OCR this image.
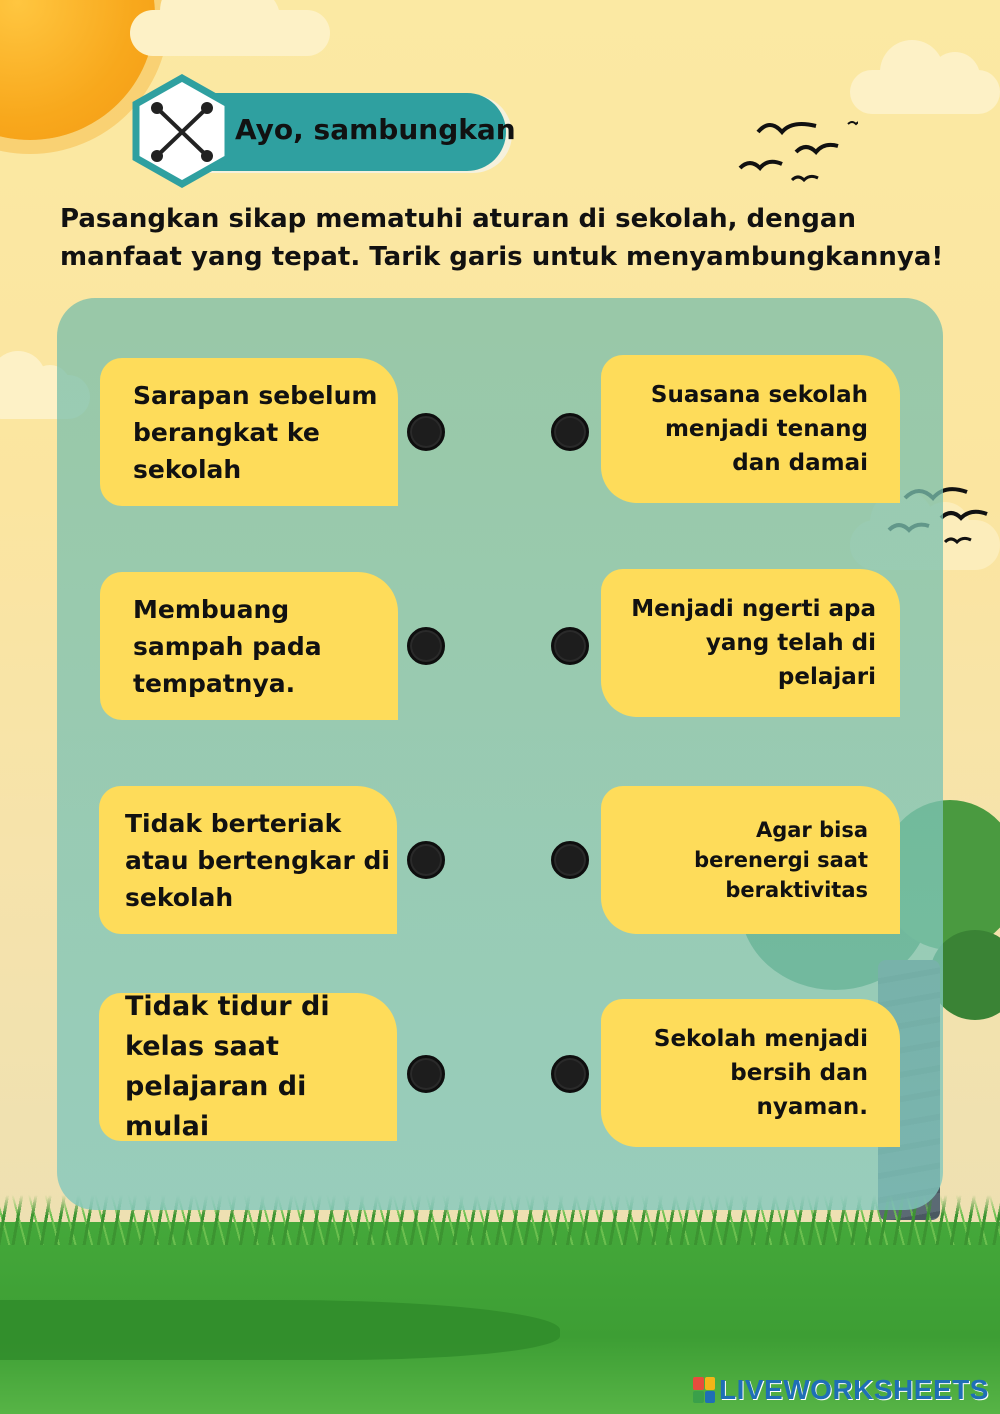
Ayo, sambungkan
Pasangkan sikap mematuhi aturan di sekolah, dengan manfaat yang tepat. Tarik garis untuk menyambungkannya!
Sarapan sebelum
berangkat ke
sekolah
Membuang
sampah pada
tempatnya.
Tidak berteriak
atau bertengkar di
sekolah
Tidak tidur di
kelas saat
pelajaran di mulai
Suasana sekolah
menjadi tenang
dan damai
Menjadi ngerti apa
yang telah di pelajari
Agar bisa
berenergi saat
beraktivitas
Sekolah menjadi
bersih dan
nyaman.
LIVEWORKSHEETS
